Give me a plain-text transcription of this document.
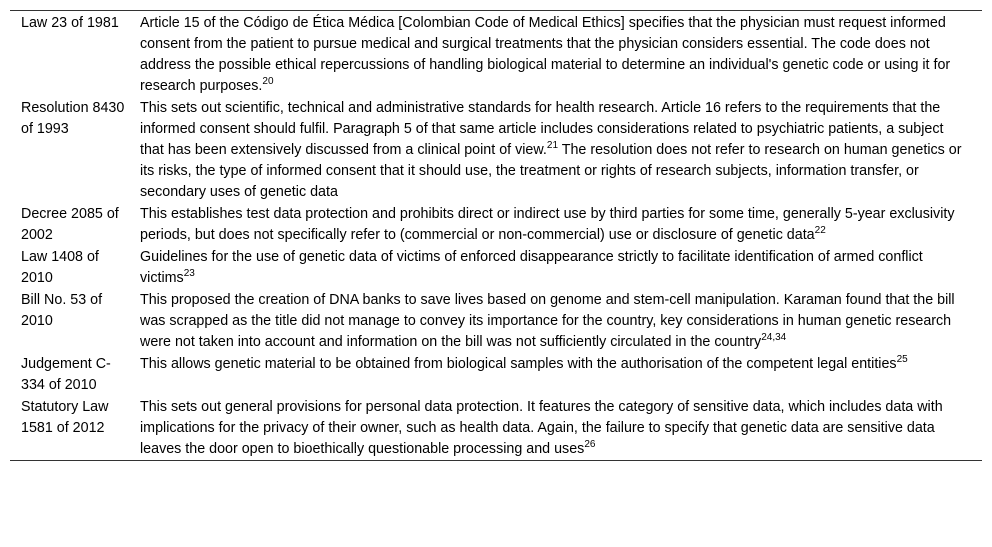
Law 23 of 1981	Article 15 of the Código de Ética Médica [Colombian Code of Medical Ethics] specifies that the physician must request informed consent from the patient to pursue medical and surgical treatments that the physician considers essential. The code does not address the possible ethical repercussions of handling biological material to determine an individual's genetic code or using it for research purposes.$^{20}$
Resolution 8430 of 1993	This sets out scientific, technical and administrative standards for health research. Article 16 refers to the requirements that the informed consent should fulfil. Paragraph 5 of that same article includes considerations related to psychiatric patients, a subject that has been extensively discussed from a clinical point of view.$^{21}$ The resolution does not refer to research on human genetics or its risks, the type of informed consent that it should use, the treatment or rights of research subjects, information transfer, or secondary uses of genetic data
Decree 2085 of 2002	This establishes test data protection and prohibits direct or indirect use by third parties for some time, generally 5-year exclusivity periods, but does not specifically refer to (commercial or non-commercial) use or disclosure of genetic data$^{22}$
Law 1408 of 2010	Guidelines for the use of genetic data of victims of enforced disappearance strictly to facilitate identification of armed conflict victims$^{23}$
Bill No. 53 of 2010	This proposed the creation of DNA banks to save lives based on genome and stem-cell manipulation. Karaman found that the bill was scrapped as the title did not manage to convey its importance for the country, key considerations in human genetic research were not taken into account and information on the bill was not sufficiently circulated in the country$^{24,34}$
Judgement C-334 of 2010	This allows genetic material to be obtained from biological samples with the authorisation of the competent legal entities$^{25}$
Statutory Law 1581 of 2012	This sets out general provisions for personal data protection. It features the category of sensitive data, which includes data with implications for the privacy of their owner, such as health data. Again, the failure to specify that genetic data are sensitive data leaves the door open to bioethically questionable processing and uses$^{26}$
